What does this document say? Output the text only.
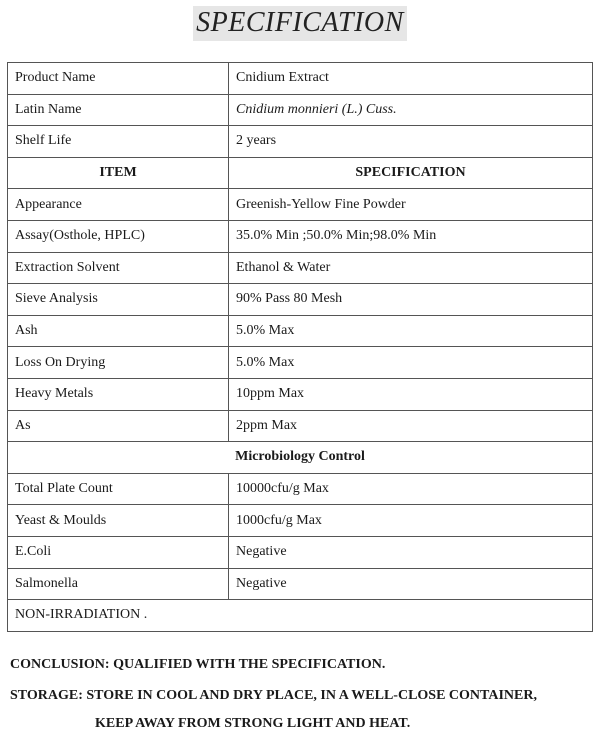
SPECIFICATION
Product Name	Cnidium Extract
Latin Name	Cnidium monnieri (L.) Cuss.
Shelf Life	2 years
ITEM	SPECIFICATION
Appearance	Greenish-Yellow Fine Powder
Assay(Osthole, HPLC)	35.0% Min ;50.0% Min;98.0% Min
Extraction Solvent	Ethanol & Water
Sieve Analysis	90% Pass 80 Mesh
Ash	5.0% Max
Loss On Drying	5.0% Max
Heavy Metals	10ppm Max
As	2ppm Max
Microbiology Control	
Total Plate Count	10000cfu/g Max
Yeast & Moulds	1000cfu/g Max
E.Coli	Negative
Salmonella	Negative
NON-IRRADIATION .	
CONCLUSION: QUALIFIED WITH THE SPECIFICATION.
STORAGE: STORE IN COOL AND DRY PLACE, IN A WELL-CLOSE CONTAINER,
KEEP AWAY FROM STRONG LIGHT AND HEAT.
